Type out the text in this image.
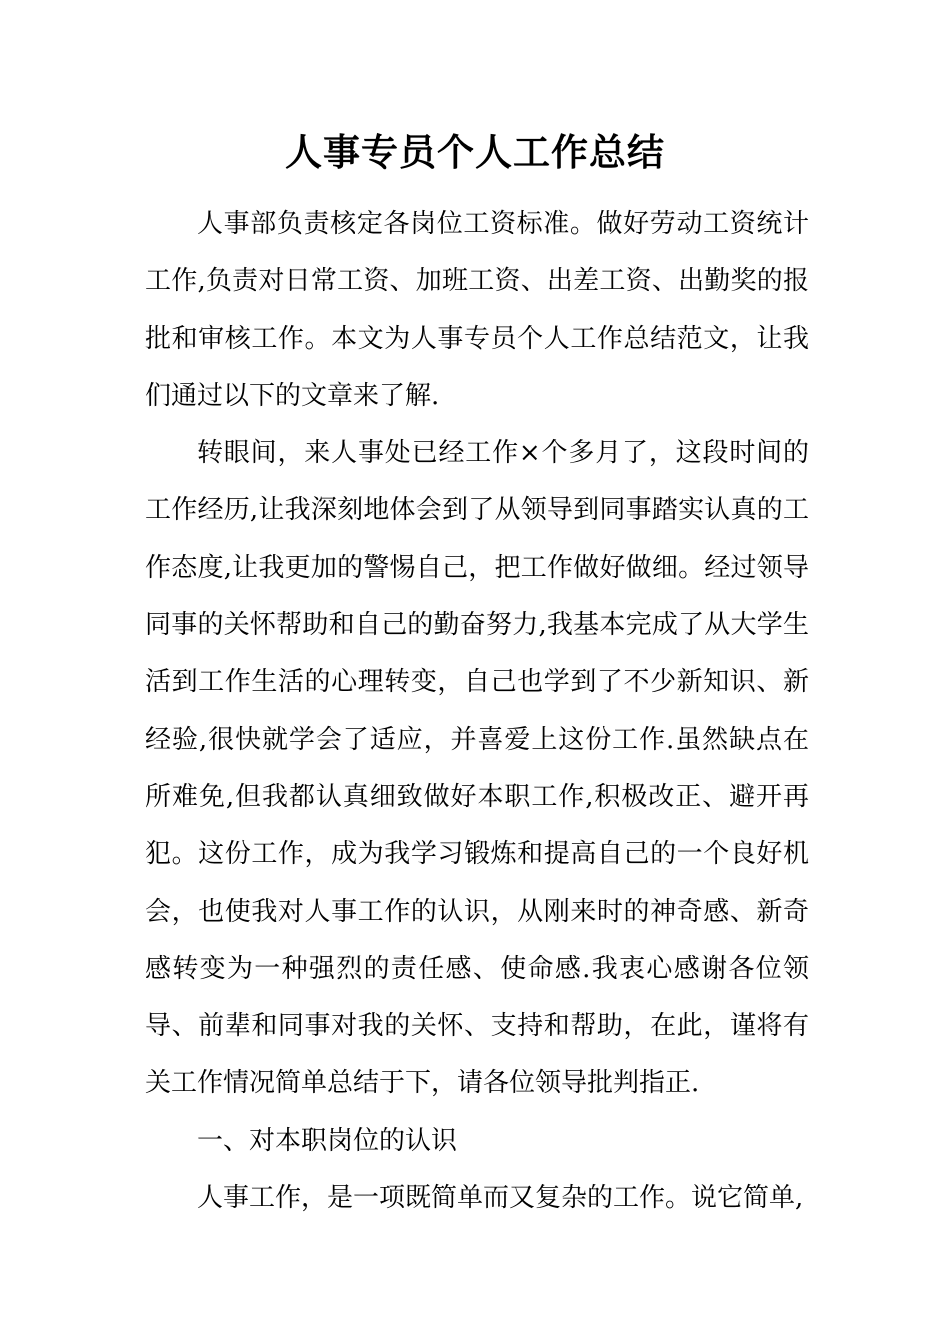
人事专员个人工作总结

人事部负责核定各岗位工资标准。做好劳动工资统计工作,负责对日常工资、加班工资、出差工资、出勤奖的报批和审核工作。本文为人事专员个人工作总结范文，让我们通过以下的文章来了解.

转眼间，来人事处已经工作×个多月了，这段时间的工作经历,让我深刻地体会到了从领导到同事踏实认真的工作态度,让我更加的警惕自己，把工作做好做细。经过领导同事的关怀帮助和自己的勤奋努力,我基本完成了从大学生活到工作生活的心理转变，自己也学到了不少新知识、新经验,很快就学会了适应，并喜爱上这份工作.虽然缺点在所难免,但我都认真细致做好本职工作,积极改正、避开再犯。这份工作，成为我学习锻炼和提高自己的一个良好机会，也使我对人事工作的认识，从刚来时的神奇感、新奇感转变为一种强烈的责任感、使命感.我衷心感谢各位领导、前辈和同事对我的关怀、支持和帮助，在此，谨将有关工作情况简单总结于下，请各位领导批判指正.

一、对本职岗位的认识

人事工作，是一项既简单而又复杂的工作。说它简单,
